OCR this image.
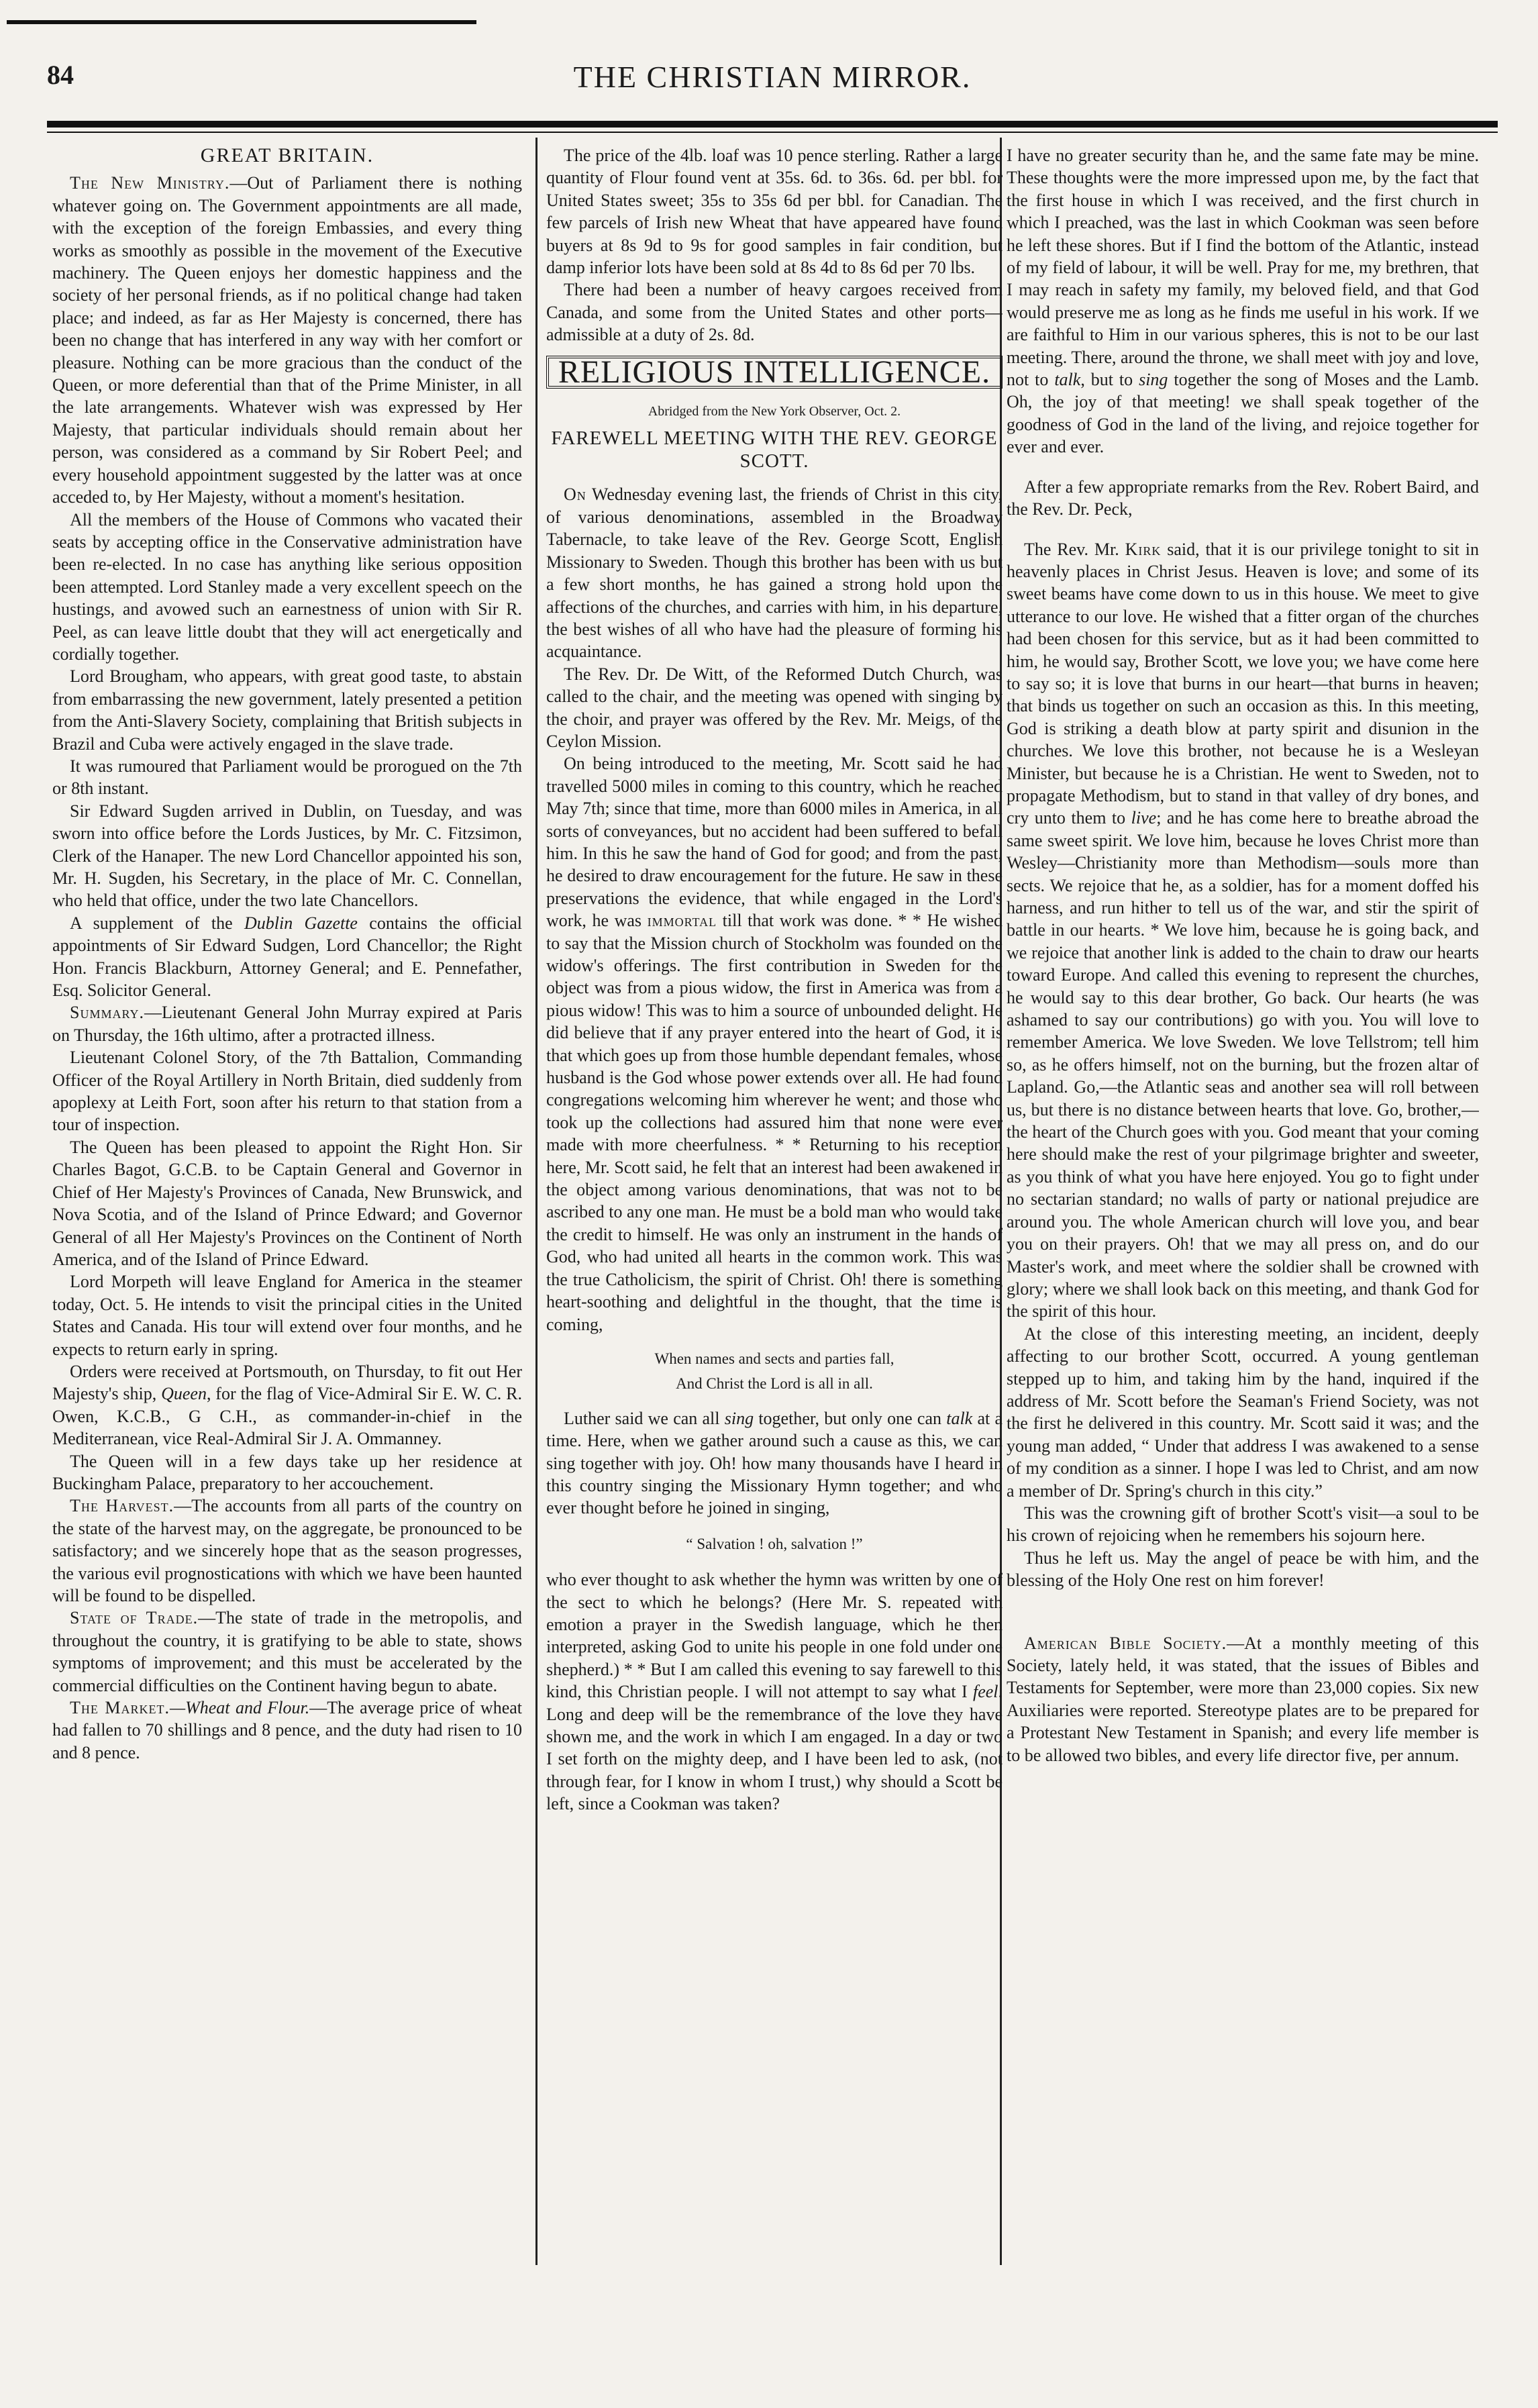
84	THE CHRISTIAN MIRROR.

GREAT BRITAIN.

The New Ministry.—Out of Parliament there is nothing whatever going on. The Government appointments are all made, with the exception of the foreign Embassies, and every thing works as smoothly as possible in the movement of the Executive machinery. The Queen enjoys her domestic happiness and the society of her personal friends, as if no political change had taken place; and indeed, as far as Her Majesty is concerned, there has been no change that has interfered in any way with her comfort or pleasure. Nothing can be more gracious than the conduct of the Queen, or more deferential than that of the Prime Minister, in all the late arrangements. Whatever wish was expressed by Her Majesty, that particular individuals should remain about her person, was considered as a command by Sir Robert Peel; and every household appointment suggested by the latter was at once acceded to, by Her Majesty, without a moment's hesitation.

All the members of the House of Commons who vacated their seats by accepting office in the Conservative administration have been re-elected. In no case has anything like serious opposition been attempted. Lord Stanley made a very excellent speech on the hustings, and avowed such an earnestness of union with Sir R. Peel, as can leave little doubt that they will act energetically and cordially together.

Lord Brougham, who appears, with great good taste, to abstain from embarrassing the new government, lately presented a petition from the Anti-Slavery Society, complaining that British subjects in Brazil and Cuba were actively engaged in the slave trade.

It was rumoured that Parliament would be prorogued on the 7th or 8th instant.

Sir Edward Sugden arrived in Dublin, on Tuesday, and was sworn into office before the Lords Justices, by Mr. C. Fitzsimon, Clerk of the Hanaper. The new Lord Chancellor appointed his son, Mr. H. Sugden, his Secretary, in the place of Mr. C. Connellan, who held that office, under the two late Chancellors.

A supplement of the Dublin Gazette contains the official appointments of Sir Edward Sudgen, Lord Chancellor; the Right Hon. Francis Blackburn, Attorney General; and E. Pennefather, Esq. Solicitor General.

Summary.—Lieutenant General John Murray expired at Paris on Thursday, the 16th ultimo, after a protracted illness.

Lieutenant Colonel Story, of the 7th Battalion, Commanding Officer of the Royal Artillery in North Britain, died suddenly from apoplexy at Leith Fort, soon after his return to that station from a tour of inspection.

The Queen has been pleased to appoint the Right Hon. Sir Charles Bagot, G.C.B. to be Captain General and Governor in Chief of Her Majesty's Provinces of Canada, New Brunswick, and Nova Scotia, and of the Island of Prince Edward; and Governor General of all Her Majesty's Provinces on the Continent of North America, and of the Island of Prince Edward.

Lord Morpeth will leave England for America in the steamer today, Oct. 5. He intends to visit the principal cities in the United States and Canada. His tour will extend over four months, and he expects to return early in spring.

Orders were received at Portsmouth, on Thursday, to fit out Her Majesty's ship, Queen, for the flag of Vice-Admiral Sir E. W. C. R. Owen, K.C.B., G C.H., as commander-in-chief in the Mediterranean, vice Real-Admiral Sir J. A. Ommanney.

The Queen will in a few days take up her residence at Buckingham Palace, preparatory to her accouchement.

The Harvest.—The accounts from all parts of the country on the state of the harvest may, on the aggregate, be pronounced to be satisfactory; and we sincerely hope that as the season progresses, the various evil prognostications with which we have been haunted will be found to be dispelled.

State of Trade.—The state of trade in the metropolis, and throughout the country, it is gratifying to be able to state, shows symptoms of improvement; and this must be accelerated by the commercial difficulties on the Continent having begun to abate.

The Market.—Wheat and Flour.—The average price of wheat had fallen to 70 shillings and 8 pence, and the duty had risen to 10 and 8 pence.

The price of the 4lb. loaf was 10 pence sterling. Rather a large quantity of Flour found vent at 35s. 6d. to 36s. 6d. per bbl. for United States sweet; 35s to 35s 6d per bbl. for Canadian. The few parcels of Irish new Wheat that have appeared have found buyers at 8s 9d to 9s for good samples in fair condition, but damp inferior lots have been sold at 8s 4d to 8s 6d per 70 lbs.

There had been a number of heavy cargoes received from Canada, and some from the United States and other ports—admissible at a duty of 2s. 8d.

RELIGIOUS INTELLIGENCE.

Abridged from the New York Observer, Oct. 2.

FAREWELL MEETING WITH THE REV. GEORGE SCOTT.

On Wednesday evening last, the friends of Christ in this city, of various denominations, assembled in the Broadway Tabernacle, to take leave of the Rev. George Scott, English Missionary to Sweden. Though this brother has been with us but a few short months, he has gained a strong hold upon the affections of the churches, and carries with him, in his departure, the best wishes of all who have had the pleasure of forming his acquaintance.

The Rev. Dr. De Witt, of the Reformed Dutch Church, was called to the chair, and the meeting was opened with singing by the choir, and prayer was offered by the Rev. Mr. Meigs, of the Ceylon Mission.

On being introduced to the meeting, Mr. Scott said he had travelled 5000 miles in coming to this country, which he reached May 7th; since that time, more than 6000 miles in America, in all sorts of conveyances, but no accident had been suffered to befall him. In this he saw the hand of God for good; and from the past, he desired to draw encouragement for the future. He saw in these preservations the evidence, that while engaged in the Lord's work, he was immortal till that work was done. * * He wished to say that the Mission church of Stockholm was founded on the widow's offerings. The first contribution in Sweden for the object was from a pious widow, the first in America was from a pious widow! This was to him a source of unbounded delight. He did believe that if any prayer entered into the heart of God, it is that which goes up from those humble dependant females, whose husband is the God whose power extends over all. He had found congregations welcoming him wherever he went; and those who took up the collections had assured him that none were ever made with more cheerfulness. * * Returning to his reception here, Mr. Scott said, he felt that an interest had been awakened in the object among various denominations, that was not to be ascribed to any one man. He must be a bold man who would take the credit to himself. He was only an instrument in the hands of God, who had united all hearts in the common work. This was the true Catholicism, the spirit of Christ. Oh! there is something heart-soothing and delightful in the thought, that the time is coming,

When names and sects and parties fall,

And Christ the Lord is all in all.

Luther said we can all sing together, but only one can talk at a time. Here, when we gather around such a cause as this, we can sing together with joy. Oh! how many thousands have I heard in this country singing the Missionary Hymn together; and who ever thought before he joined in singing,

“ Salvation ! oh, salvation !”

who ever thought to ask whether the hymn was written by one of the sect to which he belongs? (Here Mr. S. repeated with emotion a prayer in the Swedish language, which he then interpreted, asking God to unite his people in one fold under one shepherd.) * * But I am called this evening to say farewell to this kind, this Christian people. I will not attempt to say what I feel. Long and deep will be the remembrance of the love they have shown me, and the work in which I am engaged. In a day or two I set forth on the mighty deep, and I have been led to ask, (not through fear, for I know in whom I trust,) why should a Scott be left, since a Cookman was taken?

I have no greater security than he, and the same fate may be mine. These thoughts were the more impressed upon me, by the fact that the first house in which I was received, and the first church in which I preached, was the last in which Cookman was seen before he left these shores. But if I find the bottom of the Atlantic, instead of my field of labour, it will be well. Pray for me, my brethren, that I may reach in safety my family, my beloved field, and that God would preserve me as long as he finds me useful in his work. If we are faithful to Him in our various spheres, this is not to be our last meeting. There, around the throne, we shall meet with joy and love, not to talk, but to sing together the song of Moses and the Lamb. Oh, the joy of that meeting! we shall speak together of the goodness of God in the land of the living, and rejoice together for ever and ever.

After a few appropriate remarks from the Rev. Robert Baird, and the Rev. Dr. Peck,

The Rev. Mr. Kirk said, that it is our privilege tonight to sit in heavenly places in Christ Jesus. Heaven is love; and some of its sweet beams have come down to us in this house. We meet to give utterance to our love. He wished that a fitter organ of the churches had been chosen for this service, but as it had been committed to him, he would say, Brother Scott, we love you; we have come here to say so; it is love that burns in our heart—that burns in heaven; that binds us together on such an occasion as this. In this meeting, God is striking a death blow at party spirit and disunion in the churches. We love this brother, not because he is a Wesleyan Minister, but because he is a Christian. He went to Sweden, not to propagate Methodism, but to stand in that valley of dry bones, and cry unto them to live; and he has come here to breathe abroad the same sweet spirit. We love him, because he loves Christ more than Wesley—Christianity more than Methodism—souls more than sects. We rejoice that he, as a soldier, has for a moment doffed his harness, and run hither to tell us of the war, and stir the spirit of battle in our hearts. * We love him, because he is going back, and we rejoice that another link is added to the chain to draw our hearts toward Europe. And called this evening to represent the churches, he would say to this dear brother, Go back. Our hearts (he was ashamed to say our contributions) go with you. You will love to remember America. We love Sweden. We love Tellstrom; tell him so, as he offers himself, not on the burning, but the frozen altar of Lapland. Go,—the Atlantic seas and another sea will roll between us, but there is no distance between hearts that love. Go, brother,—the heart of the Church goes with you. God meant that your coming here should make the rest of your pilgrimage brighter and sweeter, as you think of what you have here enjoyed. You go to fight under no sectarian standard; no walls of party or national prejudice are around you. The whole American church will love you, and bear you on their prayers. Oh! that we may all press on, and do our Master's work, and meet where the soldier shall be crowned with glory; where we shall look back on this meeting, and thank God for the spirit of this hour.

At the close of this interesting meeting, an incident, deeply affecting to our brother Scott, occurred. A young gentleman stepped up to him, and taking him by the hand, inquired if the address of Mr. Scott before the Seaman's Friend Society, was not the first he delivered in this country. Mr. Scott said it was; and the young man added, “ Under that address I was awakened to a sense of my condition as a sinner. I hope I was led to Christ, and am now a member of Dr. Spring's church in this city.”

This was the crowning gift of brother Scott's visit—a soul to be his crown of rejoicing when he remembers his sojourn here.

Thus he left us. May the angel of peace be with him, and the blessing of the Holy One rest on him forever!

American Bible Society.—At a monthly meeting of this Society, lately held, it was stated, that the issues of Bibles and Testaments for September, were more than 23,000 copies. Six new Auxiliaries were reported. Stereotype plates are to be prepared for a Protestant New Testament in Spanish; and every life member is to be allowed two bibles, and every life director five, per annum.
